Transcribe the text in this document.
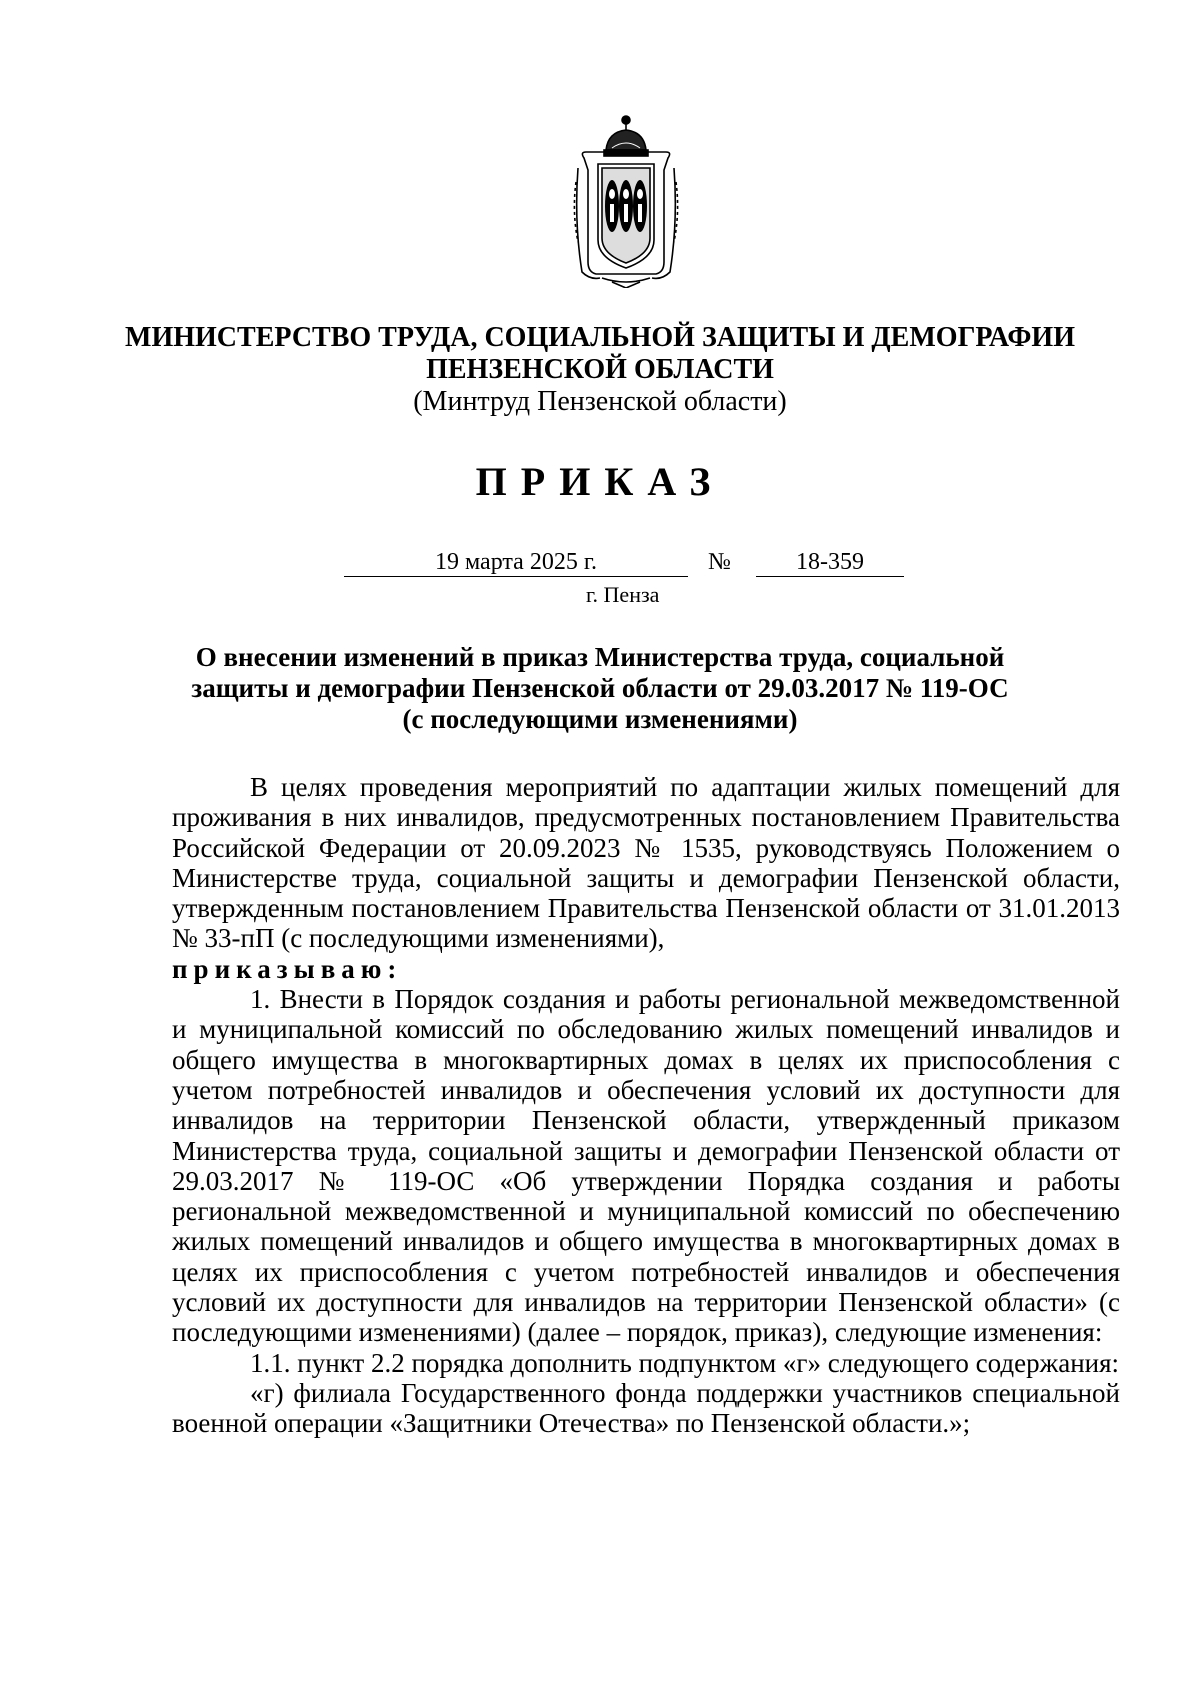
МИНИСТЕРСТВО ТРУДА, СОЦИАЛЬНОЙ ЗАЩИТЫ И ДЕМОГРАФИИ
ПЕНЗЕНСКОЙ ОБЛАСТИ
(Минтруд Пензенской области)
ПРИКАЗ
19 марта 2025 г.	№	18-359
г. Пенза
О внесении изменений в приказ Министерства труда, социальной
защиты и демографии Пензенской области от 29.03.2017 № 119-ОС
(с последующими изменениями)

В целях проведения мероприятий по адаптации жилых помещений для проживания в них инвалидов, предусмотренных постановлением Правительства Российской Федерации от 20.09.2023 № 1535, руководствуясь Положением о Министерстве труда, социальной защиты и демографии Пензенской области, утвержденным постановлением Правительства Пензенской области от 31.01.2013 № 33-пП (с последующими изменениями),

приказываю:

1. Внести в Порядок создания и работы региональной межведомственной и муниципальной комиссий по обследованию жилых помещений инвалидов и общего имущества в многоквартирных домах в целях их приспособления с учетом потребностей инвалидов и обеспечения условий их доступности для инвалидов на территории Пензенской области, утвержденный приказом Министерства труда, социальной защиты и демографии Пензенской области от 29.03.2017 № 119-ОС «Об утверждении Порядка создания и работы региональной межведомственной и муниципальной комиссий по обеспечению жилых помещений инвалидов и общего имущества в многоквартирных домах в целях их приспособления с учетом потребностей инвалидов и обеспечения условий их доступности для инвалидов на территории Пензенской области» (с последующими изменениями) (далее – порядок, приказ), следующие изменения:

1.1. пункт 2.2 порядка дополнить подпунктом «г» следующего содержания:

«г) филиала Государственного фонда поддержки участников специальной военной операции «Защитники Отечества» по Пензенской области.»;
